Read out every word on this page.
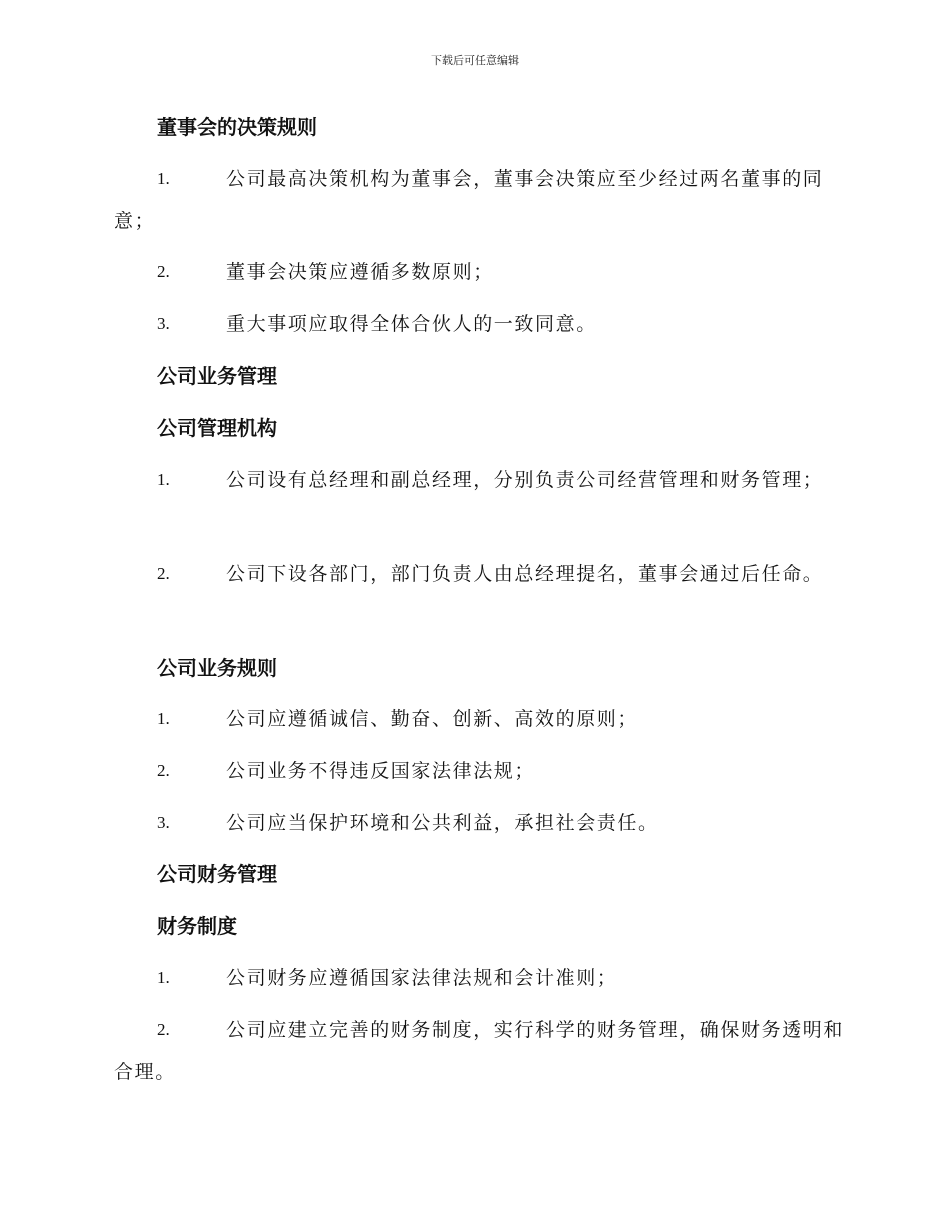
下载后可任意编辑
董事会的决策规则
1.	公司最高决策机构为董事会，董事会决策应至少经过两名董事的同意；
2.	董事会决策应遵循多数原则；
3.	重大事项应取得全体合伙人的一致同意。
公司业务管理
公司管理机构
1.	公司设有总经理和副总经理，分别负责公司经营管理和财务管理；
2.	公司下设各部门，部门负责人由总经理提名，董事会通过后任命。
公司业务规则
1.	公司应遵循诚信、勤奋、创新、高效的原则；
2.	公司业务不得违反国家法律法规；
3.	公司应当保护环境和公共利益，承担社会责任。
公司财务管理
财务制度
1.	公司财务应遵循国家法律法规和会计准则；
2.	公司应建立完善的财务制度，实行科学的财务管理，确保财务透明和合理。
